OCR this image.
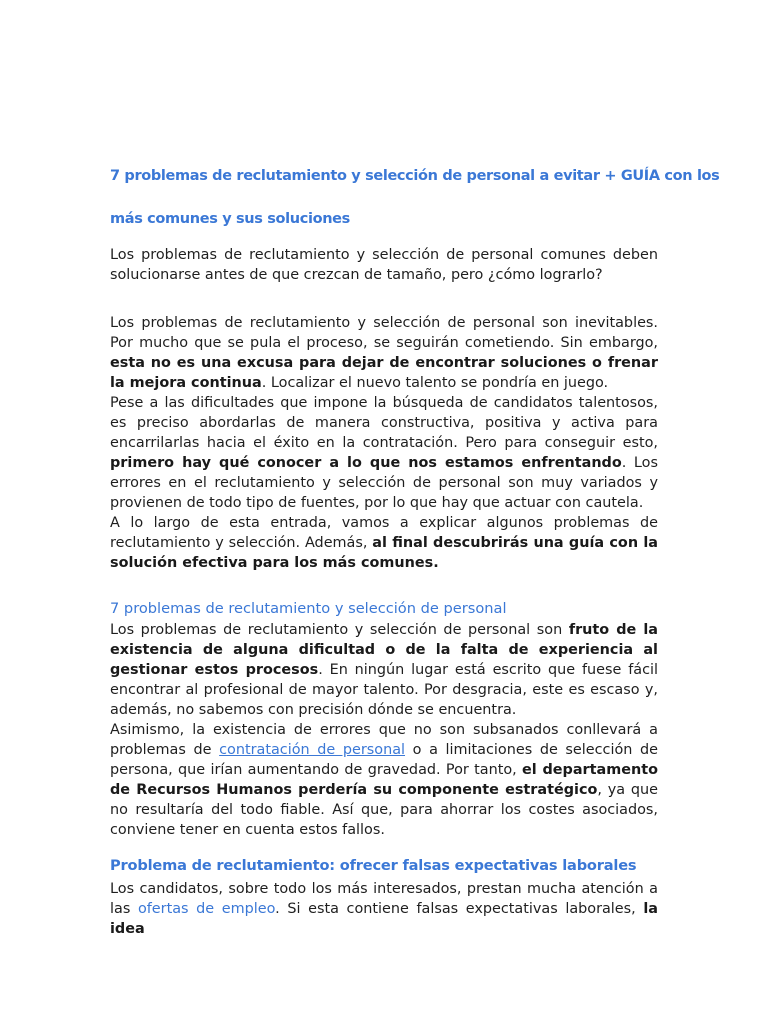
7 problemas de reclutamiento y selección de personal a evitar + GUÍA con los
más comunes y sus soluciones

Los problemas de reclutamiento y selección de personal comunes deben solucionarse antes de que crezcan de tamaño, pero ¿cómo lograrlo?

Los problemas de reclutamiento y selección de personal son inevitables. Por mucho que se pula el proceso, se seguirán cometiendo. Sin embargo, esta no es una excusa para dejar de encontrar soluciones o frenar la mejora continua. Localizar el nuevo talento se pondría en juego.
Pese a las dificultades que impone la búsqueda de candidatos talentosos, es preciso abordarlas de manera constructiva, positiva y activa para encarrilarlas hacia el éxito en la contratación. Pero para conseguir esto, primero hay qué conocer a lo que nos estamos enfrentando. Los errores en el reclutamiento y selección de personal son muy variados y provienen de todo tipo de fuentes, por lo que hay que actuar con cautela.
A lo largo de esta entrada, vamos a explicar algunos problemas de reclutamiento y selección. Además, al final descubrirás una guía con la solución efectiva para los más comunes.

7 problemas de reclutamiento y selección de personal

Los problemas de reclutamiento y selección de personal son fruto de la existencia de alguna dificultad o de la falta de experiencia al gestionar estos procesos. En ningún lugar está escrito que fuese fácil encontrar al profesional de mayor talento. Por desgracia, este es escaso y, además, no sabemos con precisión dónde se encuentra.
Asimismo, la existencia de errores que no son subsanados conllevará a problemas de contratación de personal o a limitaciones de selección de persona, que irían aumentando de gravedad. Por tanto, el departamento de Recursos Humanos perdería su componente estratégico, ya que no resultaría del todo fiable. Así que, para ahorrar los costes asociados, conviene tener en cuenta estos fallos.

Problema de reclutamiento: ofrecer falsas expectativas laborales

Los candidatos, sobre todo los más interesados, prestan mucha atención a las ofertas de empleo. Si esta contiene falsas expectativas laborales, la idea
